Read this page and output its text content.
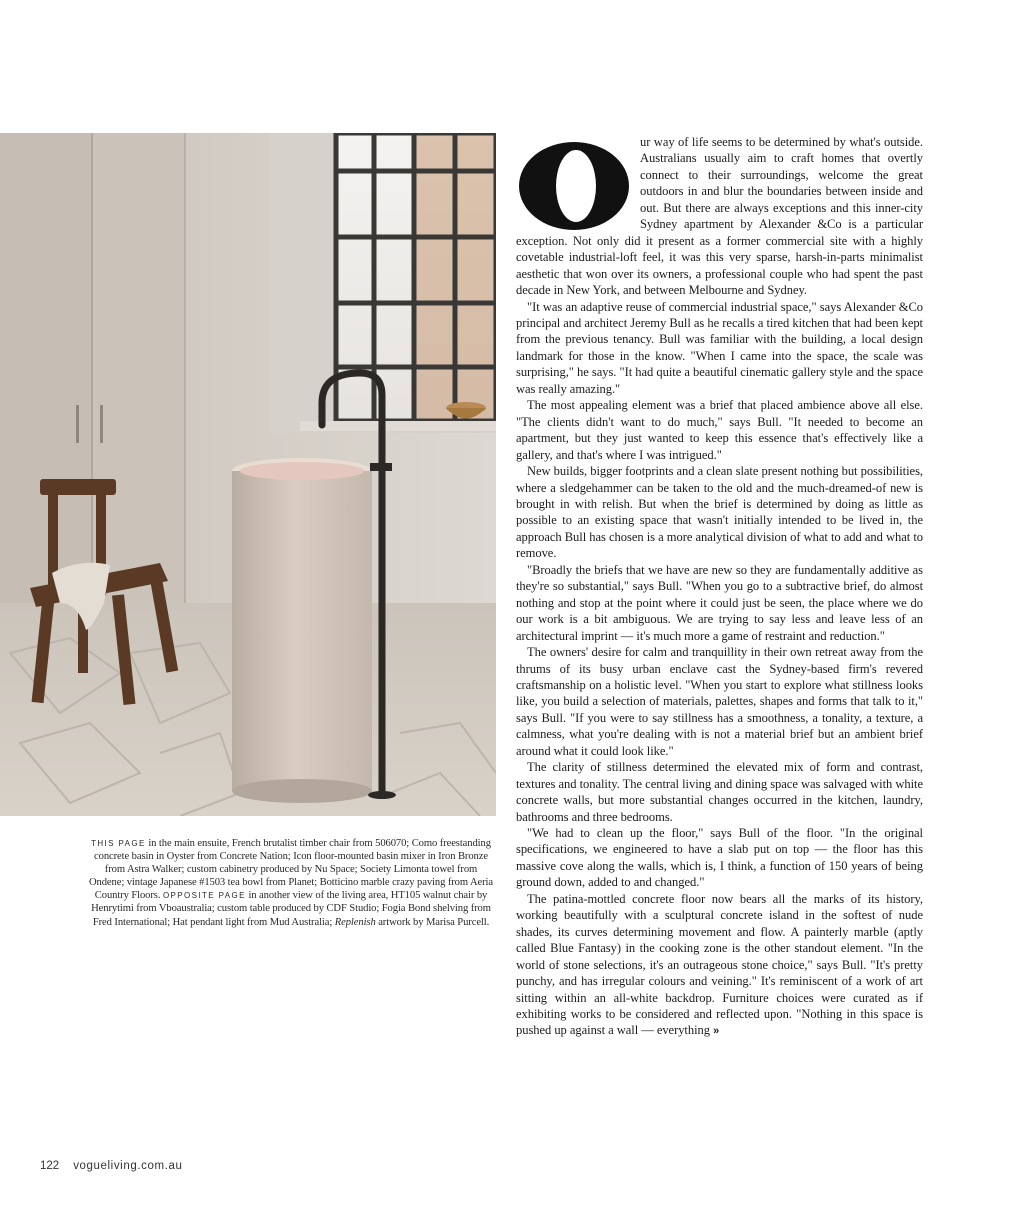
THIS PAGE in the main ensuite, French brutalist timber chair from 506070; Como freestanding concrete basin in Oyster from Concrete Nation; Icon floor-mounted basin mixer in Iron Bronze from Astra Walker; custom cabinetry produced by Nu Space; Society Limonta towel from Ondene; vintage Japanese #1503 tea bowl from Planet; Botticino marble crazy paving from Aeria Country Floors. OPPOSITE PAGE in another view of the living area, HT105 walnut chair by Henrytimi from Vboaustralia; custom table produced by CDF Studio; Fogia Bond shelving from Fred International; Hat pendant light from Mud Australia; Replenish artwork by Marisa Purcell.
O	ur way of life seems to be determined by what's outside. Australians usually aim to craft homes that overtly connect to their surroundings, welcome the great outdoors in and blur the boundaries between inside and out. But there are always exceptions and this inner-city Sydney apartment by Alexander &Co is a particular exception. Not only did it present as a former commercial site with a highly covetable industrial-loft feel, it was this very sparse, harsh-in-parts minimalist aesthetic that won over its owners, a professional couple who had spent the past decade in New York, and between Melbourne and Sydney.

"It was an adaptive reuse of commercial industrial space," says Alexander &Co principal and architect Jeremy Bull as he recalls a tired kitchen that had been kept from the previous tenancy. Bull was familiar with the building, a local design landmark for those in the know. "When I came into the space, the scale was surprising," he says. "It had quite a beautiful cinematic gallery style and the space was really amazing."

The most appealing element was a brief that placed ambience above all else. "The clients didn't want to do much," says Bull. "It needed to become an apartment, but they just wanted to keep this essence that's effectively like a gallery, and that's where I was intrigued."

New builds, bigger footprints and a clean slate present nothing but possibilities, where a sledgehammer can be taken to the old and the much-dreamed-of new is brought in with relish. But when the brief is determined by doing as little as possible to an existing space that wasn't initially intended to be lived in, the approach Bull has chosen is a more analytical division of what to add and what to remove.

"Broadly the briefs that we have are new so they are fundamentally additive as they're so substantial," says Bull. "When you go to a subtractive brief, do almost nothing and stop at the point where it could just be seen, the place where we do our work is a bit ambiguous. We are trying to say less and leave less of an architectural imprint — it's much more a game of restraint and reduction."

The owners' desire for calm and tranquillity in their own retreat away from the thrums of its busy urban enclave cast the Sydney-based firm's revered craftsmanship on a holistic level. "When you start to explore what stillness looks like, you build a selection of materials, palettes, shapes and forms that talk to it," says Bull. "If you were to say stillness has a smoothness, a tonality, a texture, a calmness, what you're dealing with is not a material brief but an ambient brief around what it could look like."

The clarity of stillness determined the elevated mix of form and contrast, textures and tonality. The central living and dining space was salvaged with white concrete walls, but more substantial changes occurred in the kitchen, laundry, bathrooms and three bedrooms.

"We had to clean up the floor," says Bull of the floor. "In the original specifications, we engineered to have a slab put on top — the floor has this massive cove along the walls, which is, I think, a function of 150 years of being ground down, added to and changed."

The patina-mottled concrete floor now bears all the marks of its history, working beautifully with a sculptural concrete island in the softest of nude shades, its curves determining movement and flow. A painterly marble (aptly called Blue Fantasy) in the cooking zone is the other standout element. "In the world of stone selections, it's an outrageous stone choice," says Bull. "It's pretty punchy, and has irregular colours and veining." It's reminiscent of a work of art sitting within an all-white backdrop. Furniture choices were curated as if exhibiting works to be considered and reflected upon. "Nothing in this space is pushed up against a wall — everything »

122 vogueliving.com.au
